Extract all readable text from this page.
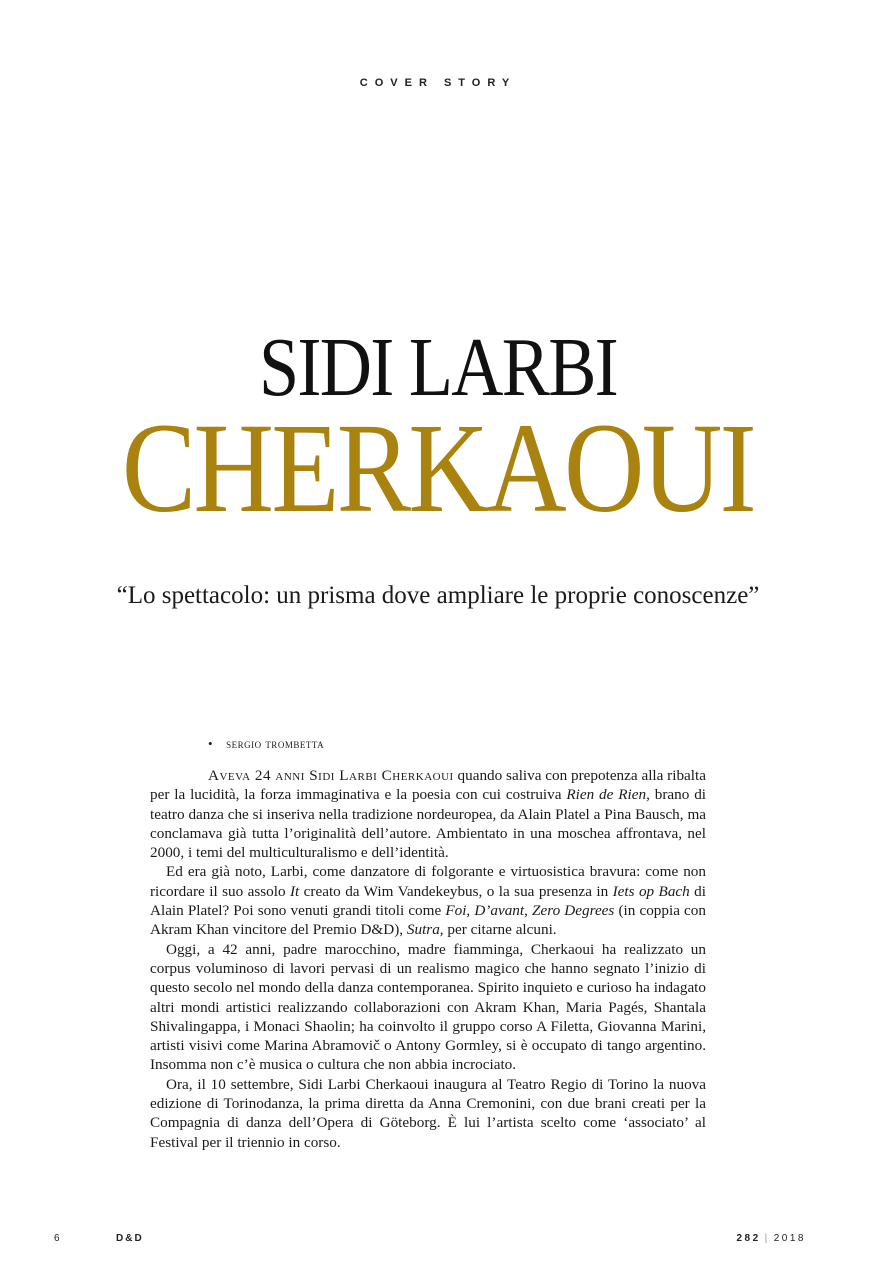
COVER STORY
SIDI LARBI
CHERKAOUI
“Lo spettacolo: un prisma dove ampliare le proprie conoscenze”
• sergio trombetta

Aveva 24 anni Sidi Larbi Cherkaoui quando saliva con prepotenza alla ribalta per la lucidità, la forza immaginativa e la poesia con cui costruiva Rien de Rien, brano di teatro danza che si inseriva nella tradizione nordeuropea, da Alain Platel a Pina Bausch, ma conclamava già tutta l’originalità dell’autore. Ambientato in una moschea affrontava, nel 2000, i temi del multiculturalismo e dell’identità.

Ed era già noto, Larbi, come danzatore di folgorante e virtuosistica bravura: come non ricordare il suo assolo It creato da Wim Vandekeybus, o la sua presenza in Iets op Bach di Alain Platel? Poi sono venuti grandi titoli come Foi, D’avant, Zero Degrees (in coppia con Akram Khan vincitore del Premio D&D), Sutra, per citarne alcuni.

Oggi, a 42 anni, padre marocchino, madre fiamminga, Cherkaoui ha realizzato un corpus voluminoso di lavori pervasi di un realismo magico che hanno segnato l’inizio di questo secolo nel mondo della danza contemporanea. Spirito inquieto e curioso ha indagato altri mondi artistici realizzando collaborazioni con Akram Khan, Maria Pagés, Shantala Shivalingappa, i Monaci Shaolin; ha coinvolto il gruppo corso A Filetta, Giovanna Marini, artisti visivi come Marina Abramovič o Antony Gormley, si è occupato di tango argentino. Insomma non c’è musica o cultura che non abbia incrociato.

Ora, il 10 settembre, Sidi Larbi Cherkaoui inaugura al Teatro Regio di Torino la nuova edizione di Torinodanza, la prima diretta da Anna Cremonini, con due brani creati per la Compagnia di danza dell’Opera di Göteborg. È lui l’artista scelto come ‘associato’ al Festival per il triennio in corso.

6	D&D	282 | 2018
